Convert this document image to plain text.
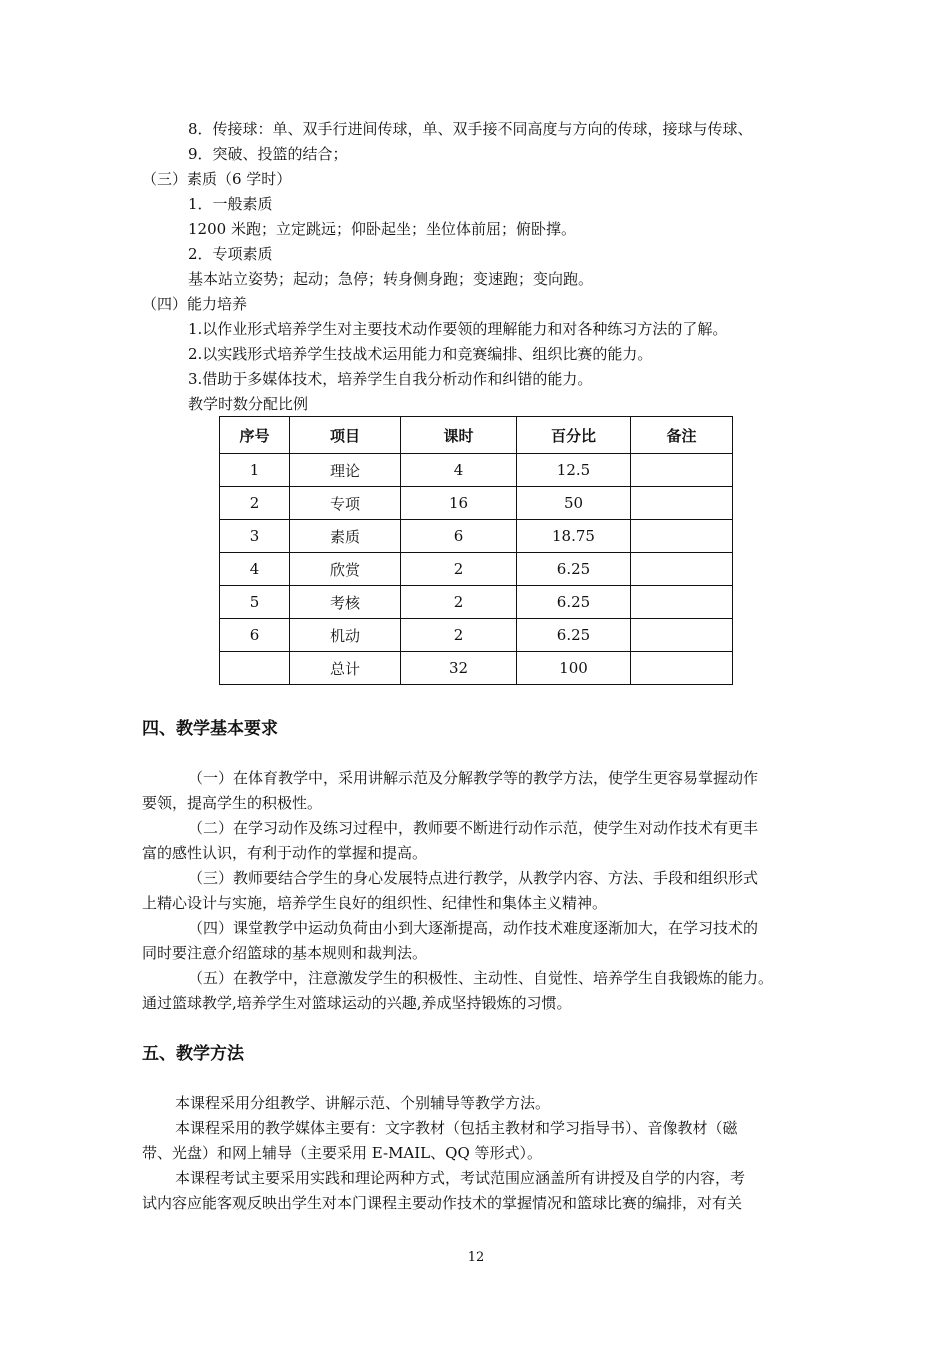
8．传接球：单、双手行进间传球，单、双手接不同高度与方向的传球，接球与传球、
9．突破、投篮的结合；
（三）素质（6 学时）
1．一般素质
1200 米跑；立定跳远；仰卧起坐；坐位体前屈；俯卧撑。
2．专项素质
基本站立姿势；起动；急停；转身侧身跑；变速跑；变向跑。
（四）能力培养
1.以作业形式培养学生对主要技术动作要领的理解能力和对各种练习方法的了解。
2.以实践形式培养学生技战术运用能力和竞赛编排、组织比赛的能力。
3.借助于多媒体技术，培养学生自我分析动作和纠错的能力。
教学时数分配比例
序号	项目	课时	百分比	备注
1	理论	4	12.5	
2	专项	16	50	
3	素质	6	18.75	
4	欣赏	2	6.25	
5	考核	2	6.25	
6	机动	2	6.25	
	总计	32	100	
四、教学基本要求
（一）在体育教学中，采用讲解示范及分解教学等的教学方法，使学生更容易掌握动作
要领，提高学生的积极性。
（二）在学习动作及练习过程中，教师要不断进行动作示范，使学生对动作技术有更丰
富的感性认识，有利于动作的掌握和提高。
（三）教师要结合学生的身心发展特点进行教学，从教学内容、方法、手段和组织形式
上精心设计与实施，培养学生良好的组织性、纪律性和集体主义精神。
（四）课堂教学中运动负荷由小到大逐渐提高，动作技术难度逐渐加大，在学习技术的
同时要注意介绍篮球的基本规则和裁判法。
（五）在教学中，注意激发学生的积极性、主动性、自觉性、培养学生自我锻炼的能力。
通过篮球教学,培养学生对篮球运动的兴趣,养成坚持锻炼的习惯。
五、教学方法
本课程采用分组教学、讲解示范、个别辅导等教学方法。
本课程采用的教学媒体主要有：文字教材（包括主教材和学习指导书）、音像教材（磁
带、光盘）和网上辅导（主要采用 E-MAIL、QQ 等形式）。
本课程考试主要采用实践和理论两种方式，考试范围应涵盖所有讲授及自学的内容，考
试内容应能客观反映出学生对本门课程主要动作技术的掌握情况和篮球比赛的编排，对有关
12
